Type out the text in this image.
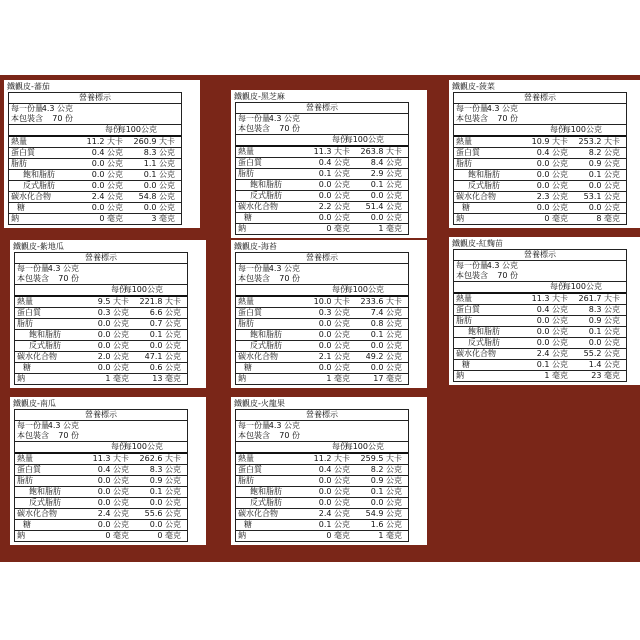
鐵觀皮-蕃茄
營養標示
每一份量
4.3 公克
本包裝含 70 份
每份
每100公克
熱量	11.2 大卡 260.9 大卡
蛋白質	0.4 公克	8.3 公克
脂肪	0.0 公克	1.1 公克
飽和脂肪	0.0 公克	0.1 公克
反式脂肪	0.0 公克	0.0 公克
碳水化合物	2.4 公克 54.8 公克
糖	0.0 公克	0.0 公克
鈉	0 毫克	3 毫克
鐵觀皮-黑芝麻
營養標示
每一份量
4.3 公克
本包裝含 70 份
每份
每100公克
熱量	11.3 大卡 263.8 大卡
蛋白質	0.4 公克	8.4 公克
脂肪	0.1 公克	2.9 公克
飽和脂肪	0.0 公克	0.1 公克
反式脂肪	0.0 公克	0.0 公克
碳水化合物	2.2 公克 51.4 公克
糖	0.0 公克	0.0 公克
鈉	0 毫克	1 毫克
鐵觀皮-菠菜
營養標示
每一份量
4.3 公克
本包裝含 70 份
每份
每100公克
熱量	10.9 大卡 253.2 大卡
蛋白質	0.4 公克	8.2 公克
脂肪	0.0 公克	0.9 公克
飽和脂肪	0.0 公克	0.1 公克
反式脂肪	0.0 公克	0.0 公克
碳水化合物	2.3 公克 53.1 公克
糖	0.0 公克	0.0 公克
鈉	0 毫克	8 毫克
鐵觀皮-紫地瓜
營養標示
每一份量
4.3 公克
本包裝含 70 份
每份
每100公克
熱量	9.5 大卡 221.8 大卡
蛋白質	0.3 公克	6.6 公克
脂肪	0.0 公克	0.7 公克
飽和脂肪	0.0 公克	0.1 公克
反式脂肪	0.0 公克	0.0 公克
碳水化合物	2.0 公克 47.1 公克
糖	0.0 公克	0.6 公克
鈉	1 毫克	13 毫克
鐵觀皮-海苔
營養標示
每一份量
4.3 公克
本包裝含 70 份
每份
每100公克
熱量	10.0 大卡 233.6 大卡
蛋白質	0.3 公克	7.4 公克
脂肪	0.0 公克	0.8 公克
飽和脂肪	0.0 公克	0.1 公克
反式脂肪	0.0 公克	0.0 公克
碳水化合物	2.1 公克 49.2 公克
糖	0.0 公克	0.0 公克
鈉	1 毫克	17 毫克
鐵觀皮-紅麴苗
營養標示
每一份量
4.3 公克
本包裝含 70 份
每份
每100公克
熱量	11.3 大卡 261.7 大卡
蛋白質	0.4 公克	8.3 公克
脂肪	0.0 公克	0.9 公克
飽和脂肪	0.0 公克	0.1 公克
反式脂肪	0.0 公克	0.0 公克
碳水化合物	2.4 公克 55.2 公克
糖	0.1 公克	1.4 公克
鈉	1 毫克	23 毫克
鐵觀皮-南瓜
營養標示
每一份量
4.3 公克
本包裝含 70 份
每份
每100公克
熱量	11.3 大卡 262.6 大卡
蛋白質	0.4 公克	8.3 公克
脂肪	0.0 公克	0.9 公克
飽和脂肪	0.0 公克	0.1 公克
反式脂肪	0.0 公克	0.0 公克
碳水化合物	2.4 公克 55.6 公克
糖	0.0 公克	0.0 公克
鈉	0 毫克	0 毫克
鐵觀皮-火龍果
營養標示
每一份量
4.3 公克
本包裝含 70 份
每份
每100公克
熱量	11.2 大卡 259.5 大卡
蛋白質	0.4 公克	8.2 公克
脂肪	0.0 公克	0.9 公克
飽和脂肪	0.0 公克	0.1 公克
反式脂肪	0.0 公克	0.0 公克
碳水化合物	2.4 公克 54.9 公克
糖	0.1 公克	1.6 公克
鈉	0 毫克	1 毫克
